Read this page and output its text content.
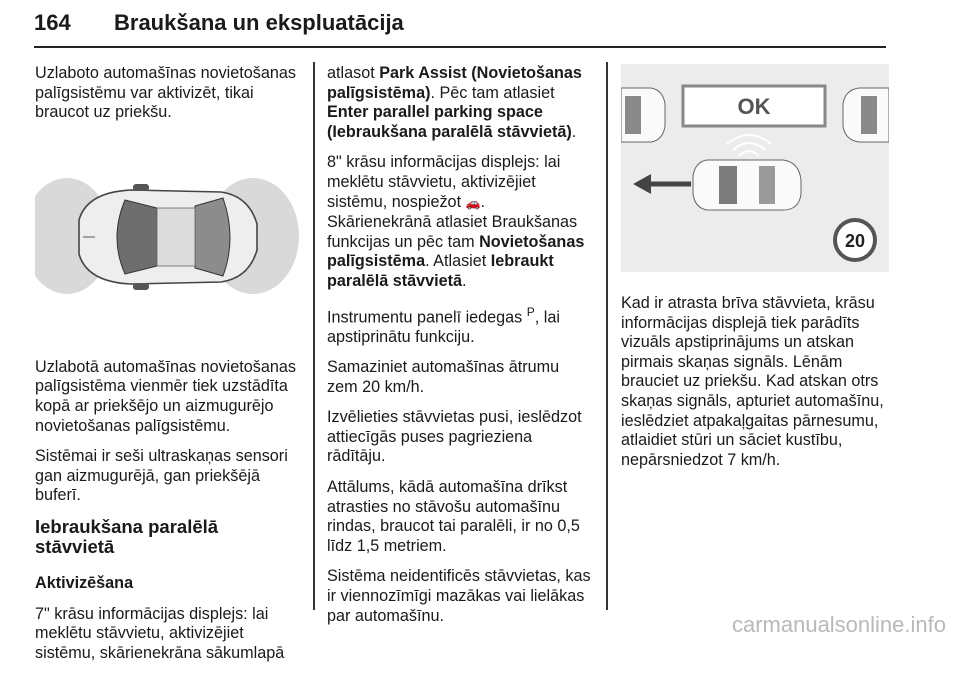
164 Braukšana un ekspluatācija

Uzlaboto automašīnas novietošanas palīgsistēmu var aktivizēt, tikai braucot uz priekšu.

Uzlabotā automašīnas novietošanas palīgsistēma vienmēr tiek uzstādīta kopā ar priekšējo un aizmugurējo novietošanas palīgsistēmu.

Sistēmai ir seši ultraskaņas sensori gan aizmugurējā, gan priekšējā buferī.

Iebraukšana paralēlā stāvvietā

Aktivizēšana

7" krāsu informācijas displejs: lai meklētu stāvvietu, aktivizējiet sistēmu, skārienekrāna sākumlapā

atlasot Park Assist (Novietošanas palīgsistēma). Pēc tam atlasiet Enter parallel parking space (Iebraukšana paralēlā stāvvietā).

8" krāsu informācijas displejs: lai meklētu stāvvietu, aktivizējiet sistēmu, nospiežot 🚗.
Skārienekrānā atlasiet Braukšanas funkcijas un pēc tam Novietošanas palīgsistēma. Atlasiet Iebraukt paralēlā stāvvietā.

Instrumentu panelī iedegas $^P$, lai apstiprinātu funkciju.

Samaziniet automašīnas ātrumu zem 20 km/h.

Izvēlieties stāvvietas pusi, ieslēdzot attiecīgās puses pagrieziena rādītāju.

Attālums, kādā automašīna drīkst atrasties no stāvošu automašīnu rindas, braucot tai paralēli, ir no 0,5 līdz 1,5 metriem.

Sistēma neidentificēs stāvvietas, kas ir viennozīmīgi mazākas vai lielākas par automašīnu.

OK
20

Kad ir atrasta brīva stāvvieta, krāsu informācijas displejā tiek parādīts vizuāls apstiprinājums un atskan pirmais skaņas signāls. Lēnām brauciet uz priekšu. Kad atskan otrs skaņas signāls, apturiet automašīnu, ieslēdziet atpakaļgaitas pārnesumu, atlaidiet stūri un sāciet kustību, nepārsniedzot 7 km/h.

carmanualsonline.info
